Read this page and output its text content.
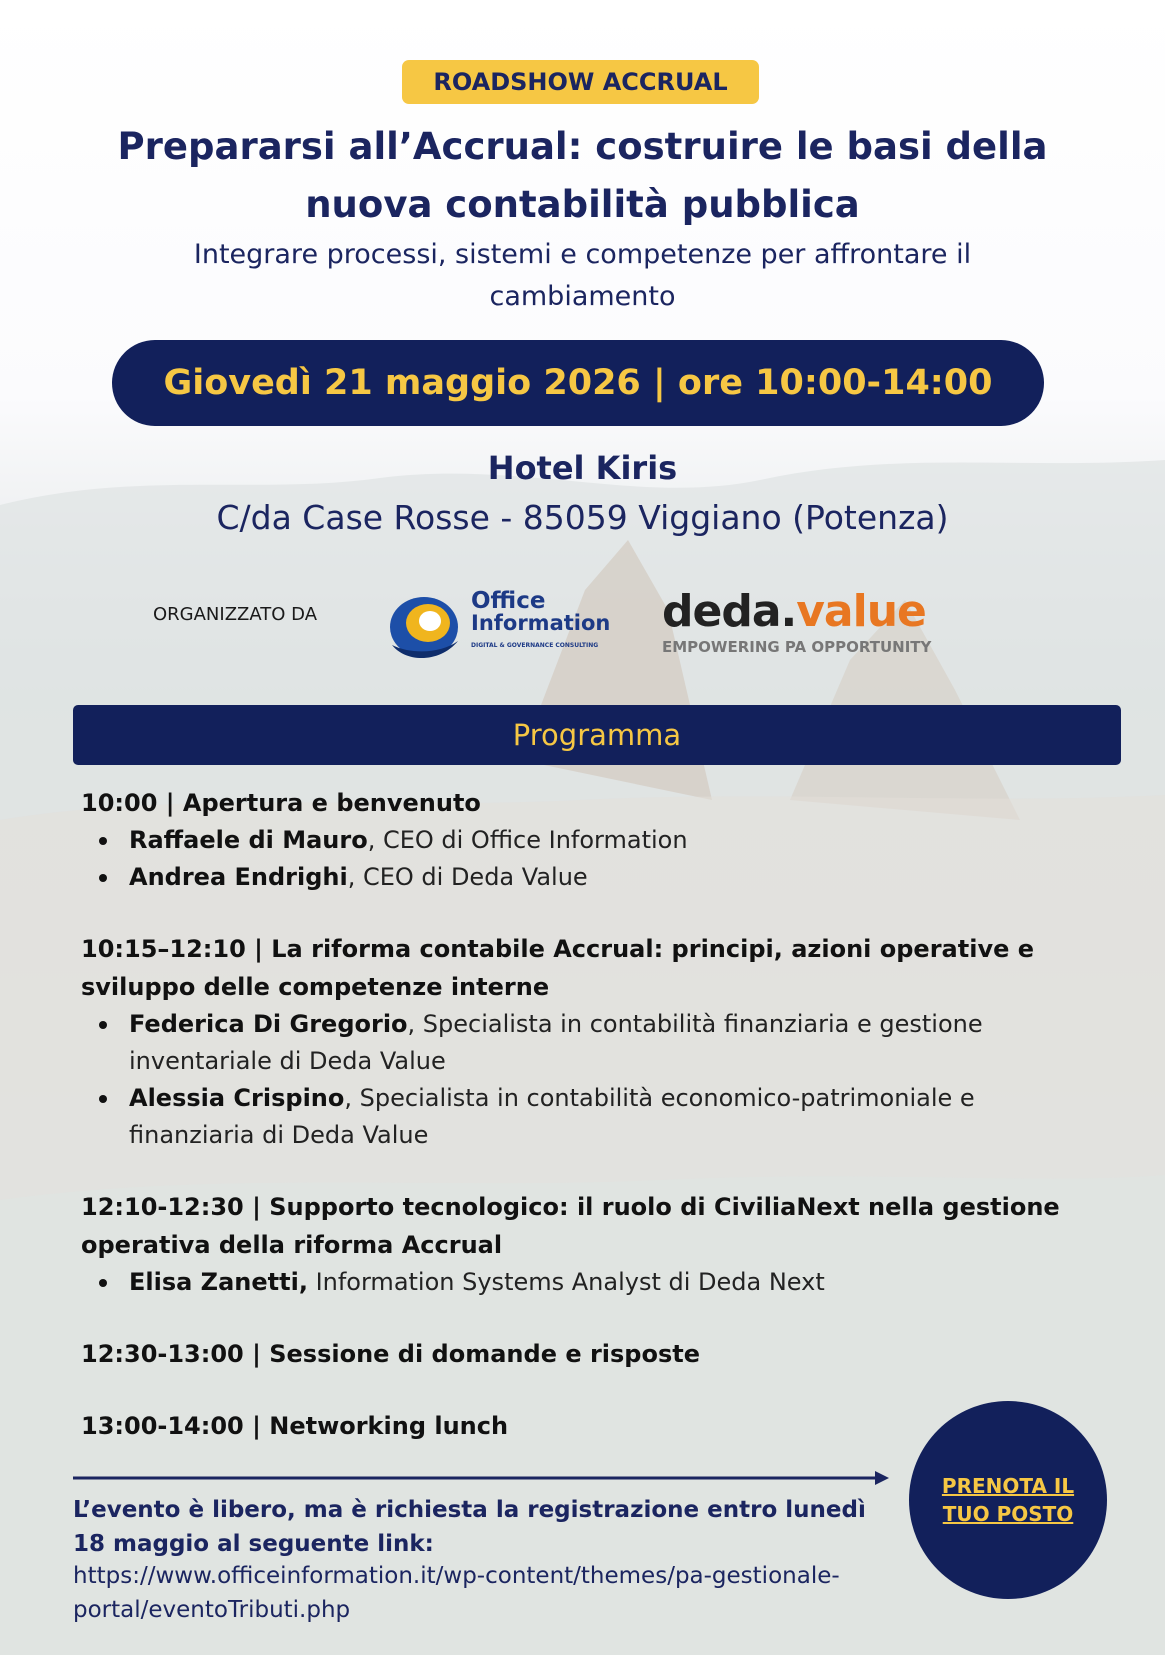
ROADSHOW ACCRUAL
Prepararsi all’Accrual: costruire le basi della nuova contabilità pubblica

Integrare processi, sistemi e competenze per affrontare il cambiamento

Giovedì 21 maggio 2026 | ore 10:00-14:00
Hotel Kiris
C/da Case Rosse - 85059 Viggiano (Potenza)
ORGANIZZATO DA
Office
Information
DIGITAL & GOVERNANCE CONSULTING
deda.value
EMPOWERING PA OPPORTUNITY
Programma

10:00 | Apertura e benvenuto

Raffaele di Mauro, CEO di Office Information
Andrea Endrighi, CEO di Deda Value

10:15–12:10 | La riforma contabile Accrual: principi, azioni operative e sviluppo delle competenze interne

Federica Di Gregorio, Specialista in contabilità finanziaria e gestione inventariale di Deda Value
Alessia Crispino, Specialista in contabilità economico-patrimoniale e finanziaria di Deda Value

12:10-12:30 | Supporto tecnologico: il ruolo di CiviliaNext nella gestione operativa della riforma Accrual

Elisa Zanetti, Information Systems Analyst di Deda Next

12:30-13:00 | Sessione di domande e risposte

13:00-14:00 | Networking lunch

L’evento è libero, ma è richiesta la registrazione entro lunedì 18 maggio al seguente link:

https://www.officeinformation.it/wp-content/themes/pa-gestionale-portal/eventoTributi.php
PRENOTA IL TUO POSTO
